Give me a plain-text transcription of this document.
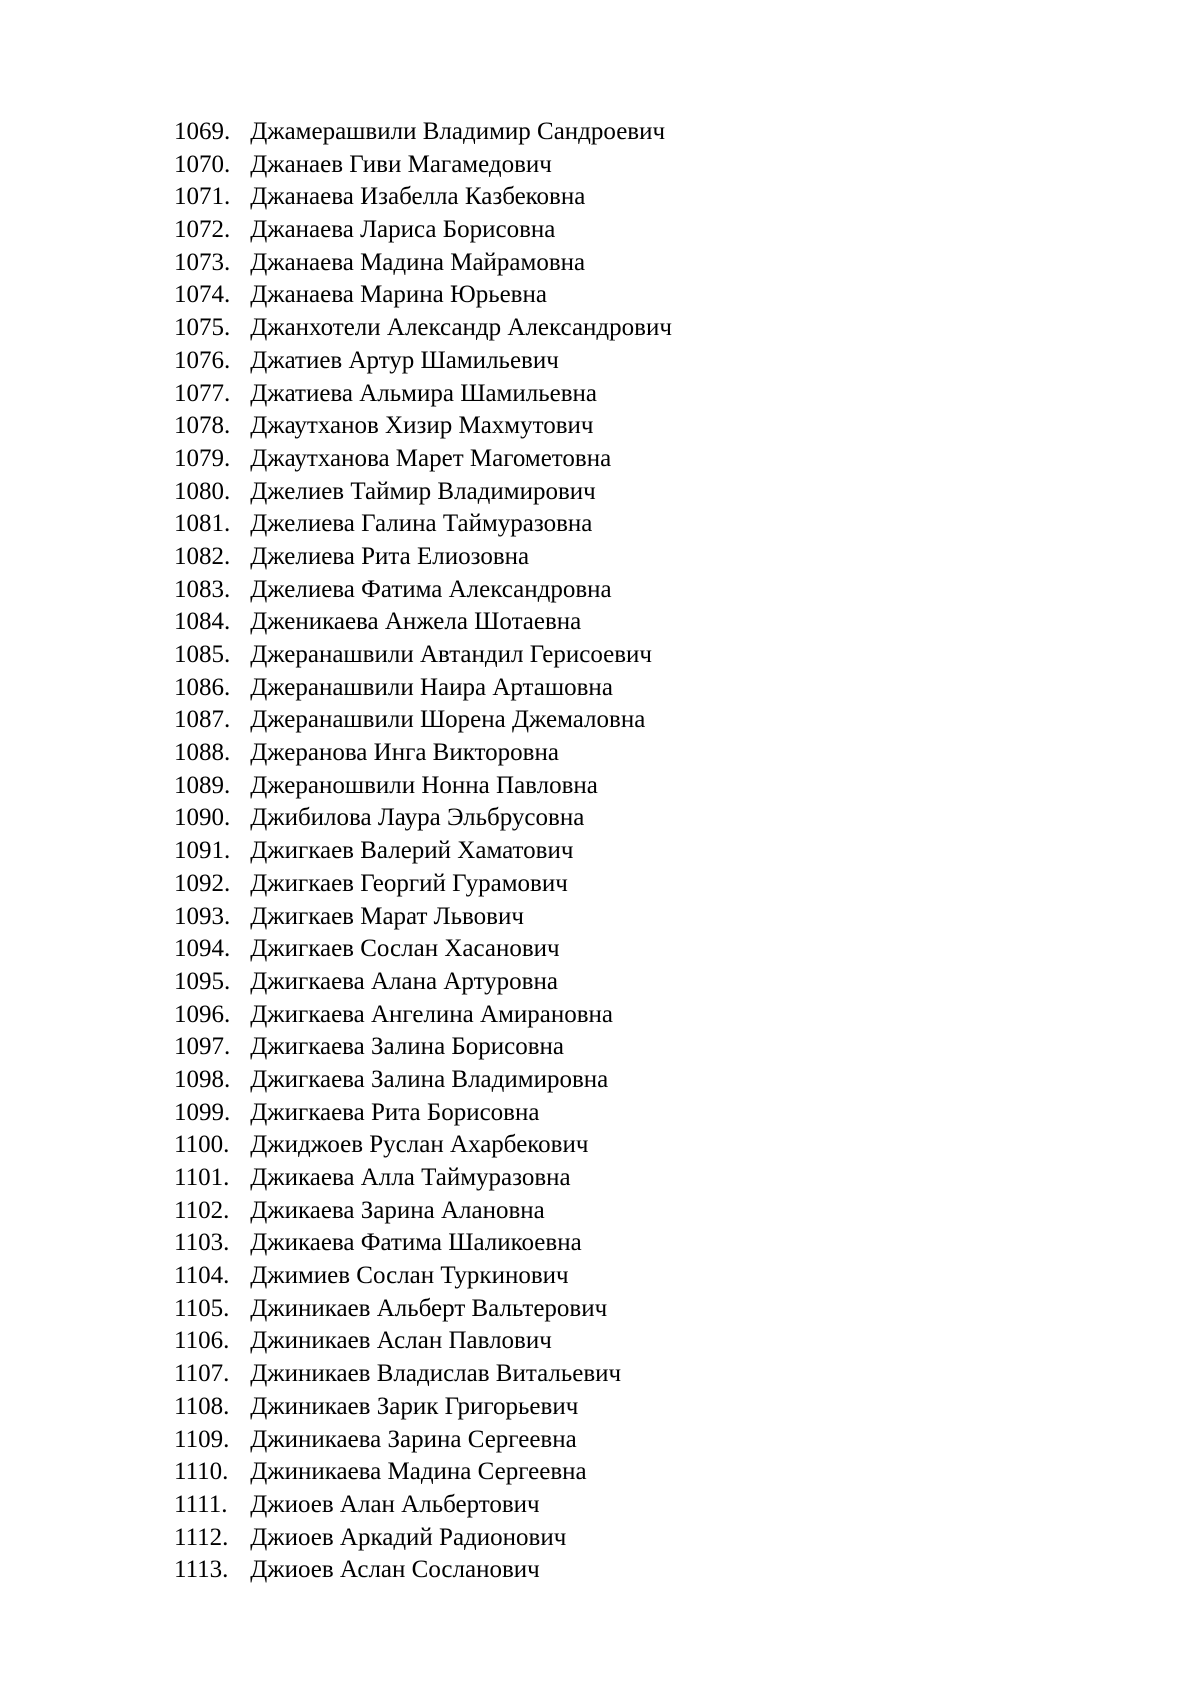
1069. Джамерашвили Владимир Сандроевич
1070. Джанаев Гиви Магамедович
1071. Джанаева Изабелла Казбековна
1072. Джанаева Лариса Борисовна
1073. Джанаева Мадина Майрамовна
1074. Джанаева Марина Юрьевна
1075. Джанхотели Александр Александрович
1076. Джатиев Артур Шамильевич
1077. Джатиева Альмира Шамильевна
1078. Джаутханов Хизир Махмутович
1079. Джаутханова Марет Магометовна
1080. Джелиев Таймир Владимирович
1081. Джелиева Галина Таймуразовна
1082. Джелиева Рита Елиозовна
1083. Джелиева Фатима Александровна
1084. Дженикаева Анжела Шотаевна
1085. Джеранашвили Автандил Герисоевич
1086. Джеранашвили Наира Арташовна
1087. Джеранашвили Шорена Джемаловна
1088. Джеранова Инга Викторовна
1089. Джераношвили Нонна Павловна
1090. Джибилова Лаура Эльбрусовна
1091. Джигкаев Валерий Хаматович
1092. Джигкаев Георгий Гурамович
1093. Джигкаев Марат Львович
1094. Джигкаев Сослан Хасанович
1095. Джигкаева Алана Артуровна
1096. Джигкаева Ангелина Амирановна
1097. Джигкаева Залина Борисовна
1098. Джигкаева Залина Владимировна
1099. Джигкаева Рита Борисовна
1100. Джиджоев Руслан Ахарбекович
1101. Джикаева Алла Таймуразовна
1102. Джикаева Зарина Алановна
1103. Джикаева Фатима Шаликоевна
1104. Джимиев Сослан Туркинович
1105. Джиникаев Альберт Вальтерович
1106. Джиникаев Аслан Павлович
1107. Джиникаев Владислав Витальевич
1108. Джиникаев Зарик Григорьевич
1109. Джиникаева Зарина Сергеевна
1110. Джиникаева Мадина Сергеевна
1111. Джиоев Алан Альбертович
1112. Джиоев Аркадий Радионович
1113. Джиоев Аслан Сосланович
